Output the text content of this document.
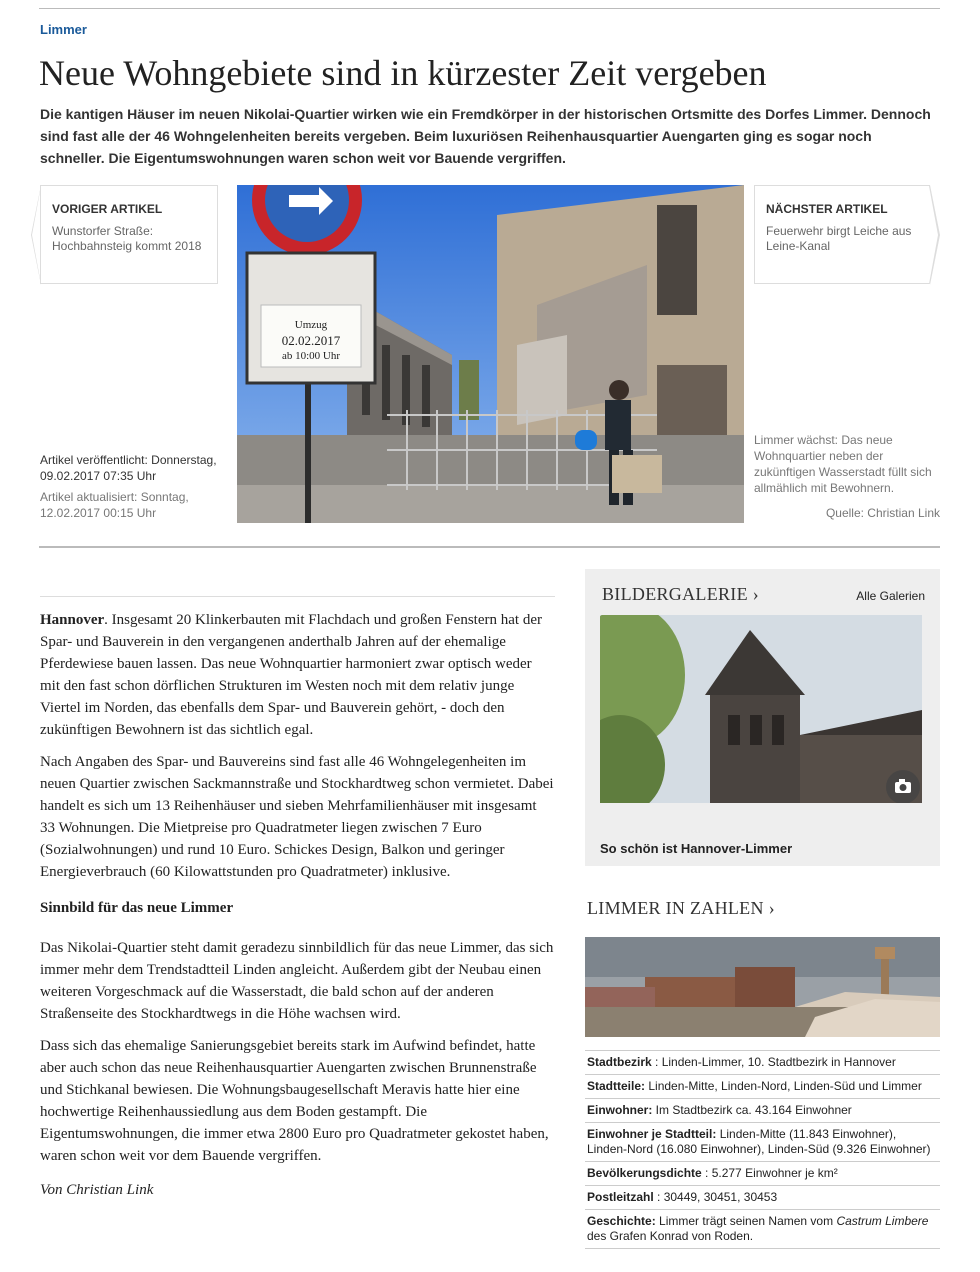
Limmer
Neue Wohngebiete sind in kürzester Zeit vergeben
Die kantigen Häuser im neuen Nikolai-Quartier wirken wie ein Fremdkörper in der historischen Ortsmitte des Dorfes Limmer. Dennoch sind fast alle der 46 Wohngelenheiten bereits vergeben. Beim luxuriösen Reihenhausquartier Auengarten ging es sogar noch schneller. Die Eigentumswohnungen waren schon weit vor Bauende vergriffen.
VORIGER ARTIKEL
Wunstorfer Straße: Hochbahnsteig kommt 2018
NÄCHSTER ARTIKEL
Feuerwehr birgt Leiche aus Leine-Kanal
Artikel veröffentlicht: Donnerstag, 09.02.2017 07:35 Uhr
Artikel aktualisiert: Sonntag, 12.02.2017 00:15 Uhr
Umzug
02.02.2017
ab 10:00 Uhr
Limmer wächst: Das neue Wohnquartier neben der zukünftigen Wasserstadt füllt sich allmählich mit Bewohnern.
Quelle: Christian Link

Hannover. Insgesamt 20 Klinkerbauten mit Flachdach und großen Fenstern hat der Spar- und Bauverein in den vergangenen anderthalb Jahren auf der ehemalige Pferdewiese bauen lassen. Das neue Wohnquartier harmoniert zwar optisch weder mit den fast schon dörflichen Strukturen im Westen noch mit dem relativ junge Viertel im Norden, das ebenfalls dem Spar- und Bauverein gehört, - doch den zukünftigen Bewohnern ist das sichtlich egal.

Nach Angaben des Spar- und Bauvereins sind fast alle 46 Wohngelegenheiten im neuen Quartier zwischen Sackmannstraße und Stockhardtweg schon vermietet. Dabei handelt es sich um 13 Reihenhäuser und sieben Mehrfamilienhäuser mit insgesamt 33 Wohnungen. Die Mietpreise pro Quadratmeter liegen zwischen 7 Euro (Sozialwohnungen) und rund 10 Euro. Schickes Design, Balkon und geringer Energieverbrauch (60 Kilowattstunden pro Quadratmeter) inklusive.

Sinnbild für das neue Limmer

Das Nikolai-Quartier steht damit geradezu sinnbildlich für das neue Limmer, das sich immer mehr dem Trendstadtteil Linden angleicht. Außerdem gibt der Neubau einen weiteren Vorgeschmack auf die Wasserstadt, die bald schon auf der anderen Straßenseite des Stockhardtwegs in die Höhe wachsen wird.

Dass sich das ehemalige Sanierungsgebiet bereits stark im Aufwind befindet, hatte aber auch schon das neue Reihenhausquartier Auengarten zwischen Brunnenstraße und Stichkanal bewiesen. Die Wohnungsbaugesellschaft Meravis hatte hier eine hochwertige Reihenhaussiedlung aus dem Boden gestampft. Die Eigentumswohnungen, die immer etwa 2800 Euro pro Quadratmeter gekostet haben, waren schon weit vor dem Bauende vergriffen.

Von Christian Link
BILDERGALERIE ›	Alle Galerien
So schön ist Hannover-Limmer
LIMMER IN ZAHLEN ›
Stadtbezirk : Linden-Limmer, 10. Stadtbezirk in Hannover
Stadtteile: Linden-Mitte, Linden-Nord, Linden-Süd und Limmer
Einwohner: Im Stadtbezirk ca. 43.164 Einwohner
Einwohner je Stadtteil: Linden-Mitte (11.843 Einwohner), Linden-Nord (16.080 Einwohner), Linden-Süd (9.326 Einwohner)
Bevölkerungsdichte : 5.277 Einwohner je km²
Postleitzahl : 30449, 30451, 30453
Geschichte: Limmer trägt seinen Namen vom Castrum Limbere des Grafen Konrad von Roden.
